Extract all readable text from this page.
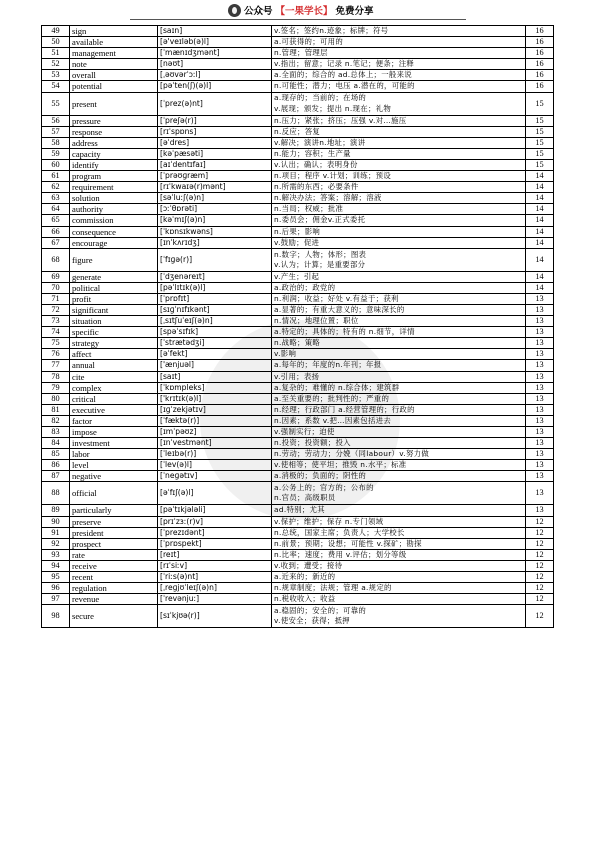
公众号 【一果学长】 免费分享
49	sign	[saɪn]	v.签名；签约n.迹象；标牌；符号	16
50	available	[ə'veɪləb(ə)l]	a.可获得的；可用的	16
51	management	[ˈmænɪdʒmənt]	n.管理；管理层	16
52	note	[nəʊt]	v.指出；留意；记录 n.笔记；便条；注释	16
53	overall	[ˌəʊvərˈɔːl]	a.全面的；综合的 ad.总体上；一般来说	16
54	potential	[pəˈten(ʃ)(ə)l]	n.可能性；潜力；电压 a.潜在的，可能的	16
55	present	[ˈprez(ə)nt]	a.现存的；当前的；在场的
v.展现；颁发；提出 n.现在；礼物	15
56	pressure	[ˈpreʃə(r)]	n.压力；紧张；挤压；压强 v.对…施压	15
57	response	[rɪˈspɒns]	n.反应；答复	15
58	address	[əˈdres]	v.解决；演讲n.地址；演讲	15
59	capacity	[kəˈpæsəti]	n.能力；容积；生产量	15
60	identify	[aɪˈdentɪfaɪ]	v.认出；确认；表明身份	15
61	program	[ˈprəʊɡræm]	n.项目；程序 v.计划；训练；预设	14
62	requirement	[rɪˈkwaɪə(r)mənt]	n.所需的东西；必要条件	14
63	solution	[səˈluːʃ(ə)n]	n.解决办法；答案；溶解；溶液	14
64	authority	[ɔːˈθɒrəti]	n.当局；权威；批准	14
65	commission	[kəˈmɪʃ(ə)n]	n.委员会；佣金v.正式委托	14
66	consequence	[ˈkɒnsɪkwəns]	n.后果；影响	14
67	encourage	[ɪnˈkʌrɪdʒ]	v.鼓励；促进	14
68	figure	[ˈfɪɡə(r)]	n.数字；人物；体形；图表
v.认为；计算；是重要部分	14
69	generate	[ˈdʒenəreɪt]	v.产生；引起	14
70	political	[pəˈlɪtɪk(ə)l]	a.政治的；政党的	14
71	profit	[ˈprɒfɪt]	n.利润；收益；好处 v.有益于；获利	13
72	significant	[sɪɡˈnɪfɪkənt]	a.显著的；有重大意义的；意味深长的	13
73	situation	[ˌsɪtʃuˈeɪʃ(ə)n]	n.情况；地理位置；职位	13
74	specific	[spəˈsɪfɪk]	a.特定的；具体的；特有的 n.细节，详情	13
75	strategy	[ˈstrætədʒi]	n.战略；策略	13
76	affect	[əˈfekt]	v.影响	13
77	annual	['ænjuəl]	a.每年的；年度的n.年刊；年报	13
78	cite	[saɪt]	v.引用；表扬	13
79	complex	[ˈkɒmpleks]	a.复杂的；难懂的 n.综合体；建筑群	13
80	critical	['krɪtɪk(ə)l]	a.至关重要的；批判性的；严重的	13
81	executive	[ɪɡˈzekjətɪv]	n.经理；行政部门 a.经营管理的；行政的	13
82	factor	[ˈfæktə(r)]	n.因素；系数 v.把…因素包括进去	13
83	impose	[ɪmˈpəʊz]	v.强制实行；迫使	13
84	investment	[ɪnˈvestmənt]	n.投资；投资额；投入	13
85	labor	[ˈleɪbə(r)]	n.劳动；劳动力；分娩（同labour）v.努力做	13
86	level	[ˈlev(ə)l]	v.使相等；使平坦；推毁 n.水平；标准	13
87	negative	[ˈneɡətɪv]	a.消极的；负面的；阴性的	13
88	official	[əˈfɪʃ(ə)l]	a.公务上的；官方的；公布的
n.官员；高级职员	13
89	particularly	[pəˈtɪkjələli]	ad.特别；尤其	13
90	preserve	[prɪˈzɜː(r)v]	v.保护；维护；保存 n.专门领域	12
91	president	[ˈprezɪdənt]	n.总统，国家主席；负责人；大学校长	12
92	prospect	[ˈprɒspekt]	n.前景；预期；设想；可能性 v.探矿；勘探	12
93	rate	[reɪt]	n.比率；速度；费用 v.评估；划分等级	12
94	receive	[rɪˈsiːv]	v.收到；遭受；接待	12
95	recent	[ˈriːs(ə)nt]	a.近来的；新近的	12
96	regulation	[ˌreɡjʊˈleɪʃ(ə)n]	n.规章制度；法规；管理 a.规定的	12
97	revenue	[ˈrevənjuː]	n.税收收入；收益	12
98	secure	[sɪˈkjʊə(r)]	a.稳固的；安全的；可靠的
v.使安全；获得；抵押	12
